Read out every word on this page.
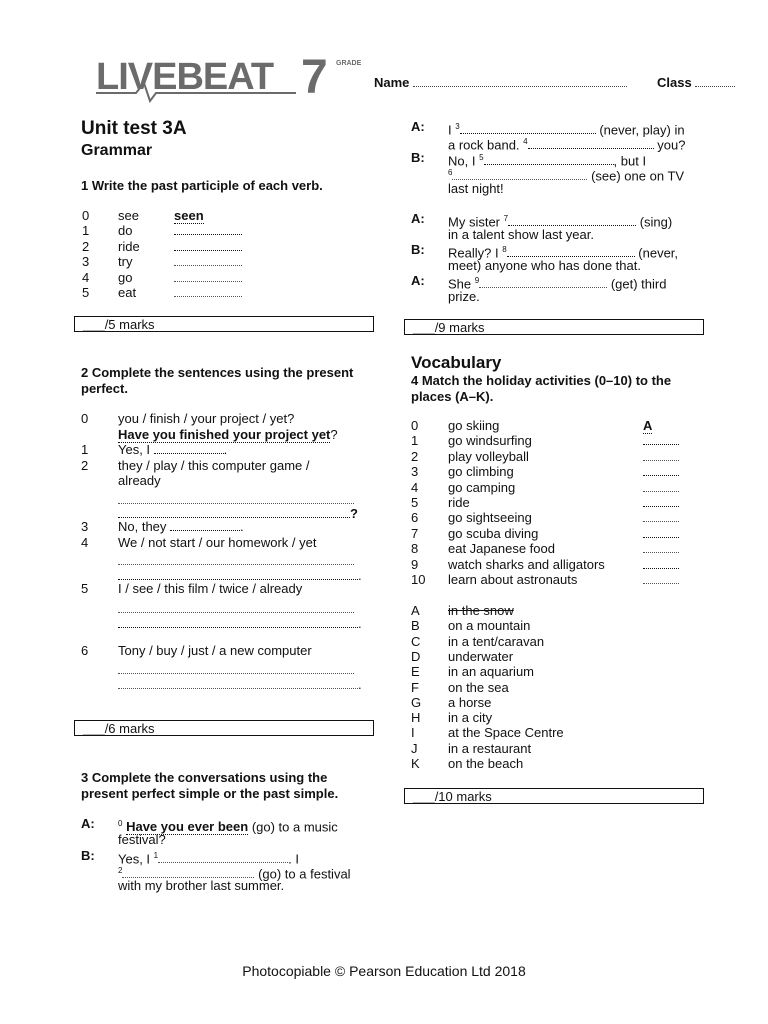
LIVEBEAT 7 GRADE
Name	Class
Unit test 3A
Grammar
1 Write the past participle of each verb.
0 see	seen
1 do
2 ride
3 try
4 go
5 eat
___/5 marks
2 Complete the sentences using the present perfect.
0 you / finish / your project / yet?
Have you finished your project yet?
1 Yes, I	.
2 they / play / this computer game /
already
?
3 No, they	.
4 We / not start / our homework / yet
.
5 I / see / this film / twice / already
.
6 Tony / buy / just / a new computer
.
___/6 marks
3 Complete the conversations using the present perfect simple or the past simple.
A:	$^0$ Have you ever been (go) to a music
festival?
B: Yes, I $^1$	. I
$^2$	(go) to a festival
with my brother last summer.
A: I $^3$	(never, play) in
a rock band. $^4$	you?
B: No, I $^5$	, but I
$^6$	(see) one on TV
last night!
A: My sister $^7$	(sing)
in a talent show last year.
B: Really? I $^8$	(never,
meet) anyone who has done that.
A: She $^9$	(get) third
prize.
___/9 marks
Vocabulary
4 Match the holiday activities (0–10) to the places (A–K).
0 go skiing	A
1 go windsurfing
2 play volleyball
3 go climbing
4 go camping
5 ride
6 go sightseeing
7 go scuba diving
8 eat Japanese food
9 watch sharks and alligators
10 learn about astronauts
A in the snow
B on a mountain
C in a tent/caravan
D underwater
E in an aquarium
F on the sea
G a horse
H in a city
I	at the Space Centre
J in a restaurant
K on the beach
___/10 marks
Photocopiable © Pearson Education Ltd 2018
